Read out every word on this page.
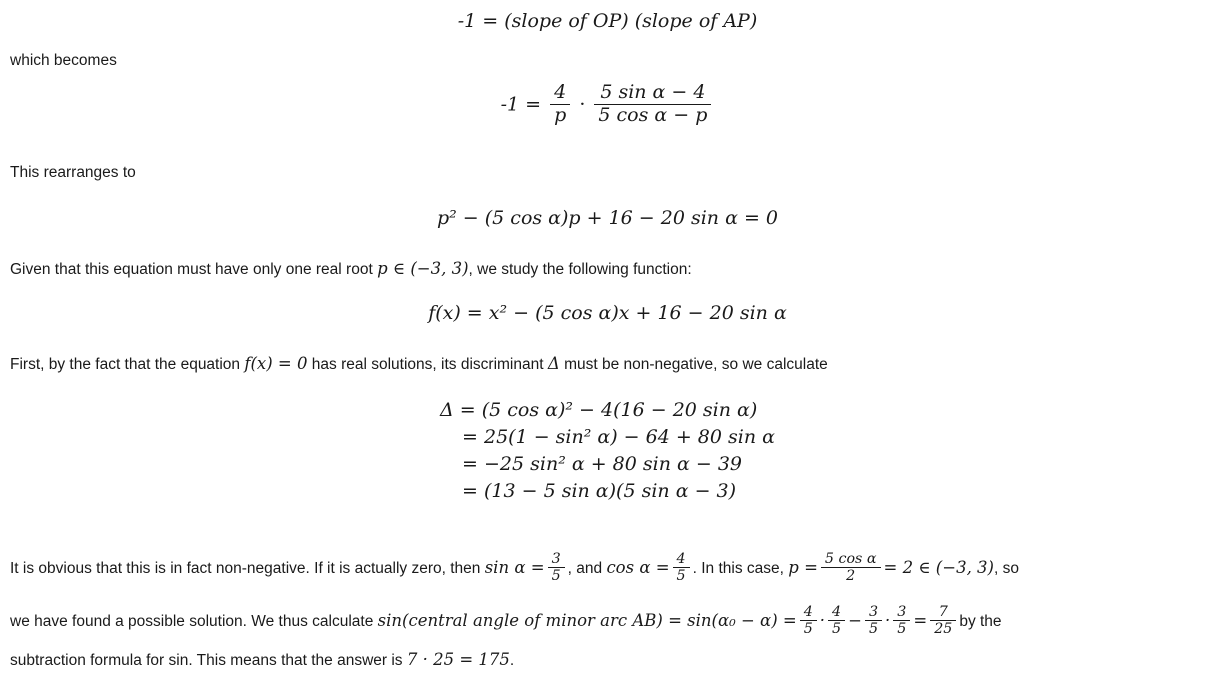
-1 = (slope of OP) (slope of AP)
which becomes
$-1 = \frac{4}{p} \cdot \frac{\text{5 sin α − 4}}{\text{5 cos α − p}}$
This rearranges to
p² − (5 cos α)p + 16 − 20 sin α = 0
Given that this equation must have only one real root p ∈ (−3, 3), we study the following function:
f(x) = x² − (5 cos α)x + 16 − 20 sin α
First, by the fact that the equation f(x) = 0 has real solutions, its discriminant Δ must be non-negative, so we calculate
Δ = (5 cos α)² − 4(16 − 20 sin α)
= 25(1 − sin² α) − 64 + 80 sin α
= −25 sin² α + 80 sin α − 39
= (13 − 5 sin α)(5 sin α − 3)
It is obvious that this is in fact non-negative. If it is actually zero, then $\sin \alpha = \frac{3}{5}$ , and $\cos \alpha = \frac{4}{5}$ . In this case, $p = \frac{\text{5 cos α}}{2} = 2$ ∈ (−3, 3), so
we have found a possible solution. We thus calculate sin(central angle of minor arc $AB) = \sin(\alpha_0 - \alpha) = \frac{4}{5} \cdot \frac{4}{5} - \frac{3}{5} \cdot \frac{3}{5} = \frac{7}{25}$ by the
subtraction formula for sin. This means that the answer is 7 · 25 = 175.
